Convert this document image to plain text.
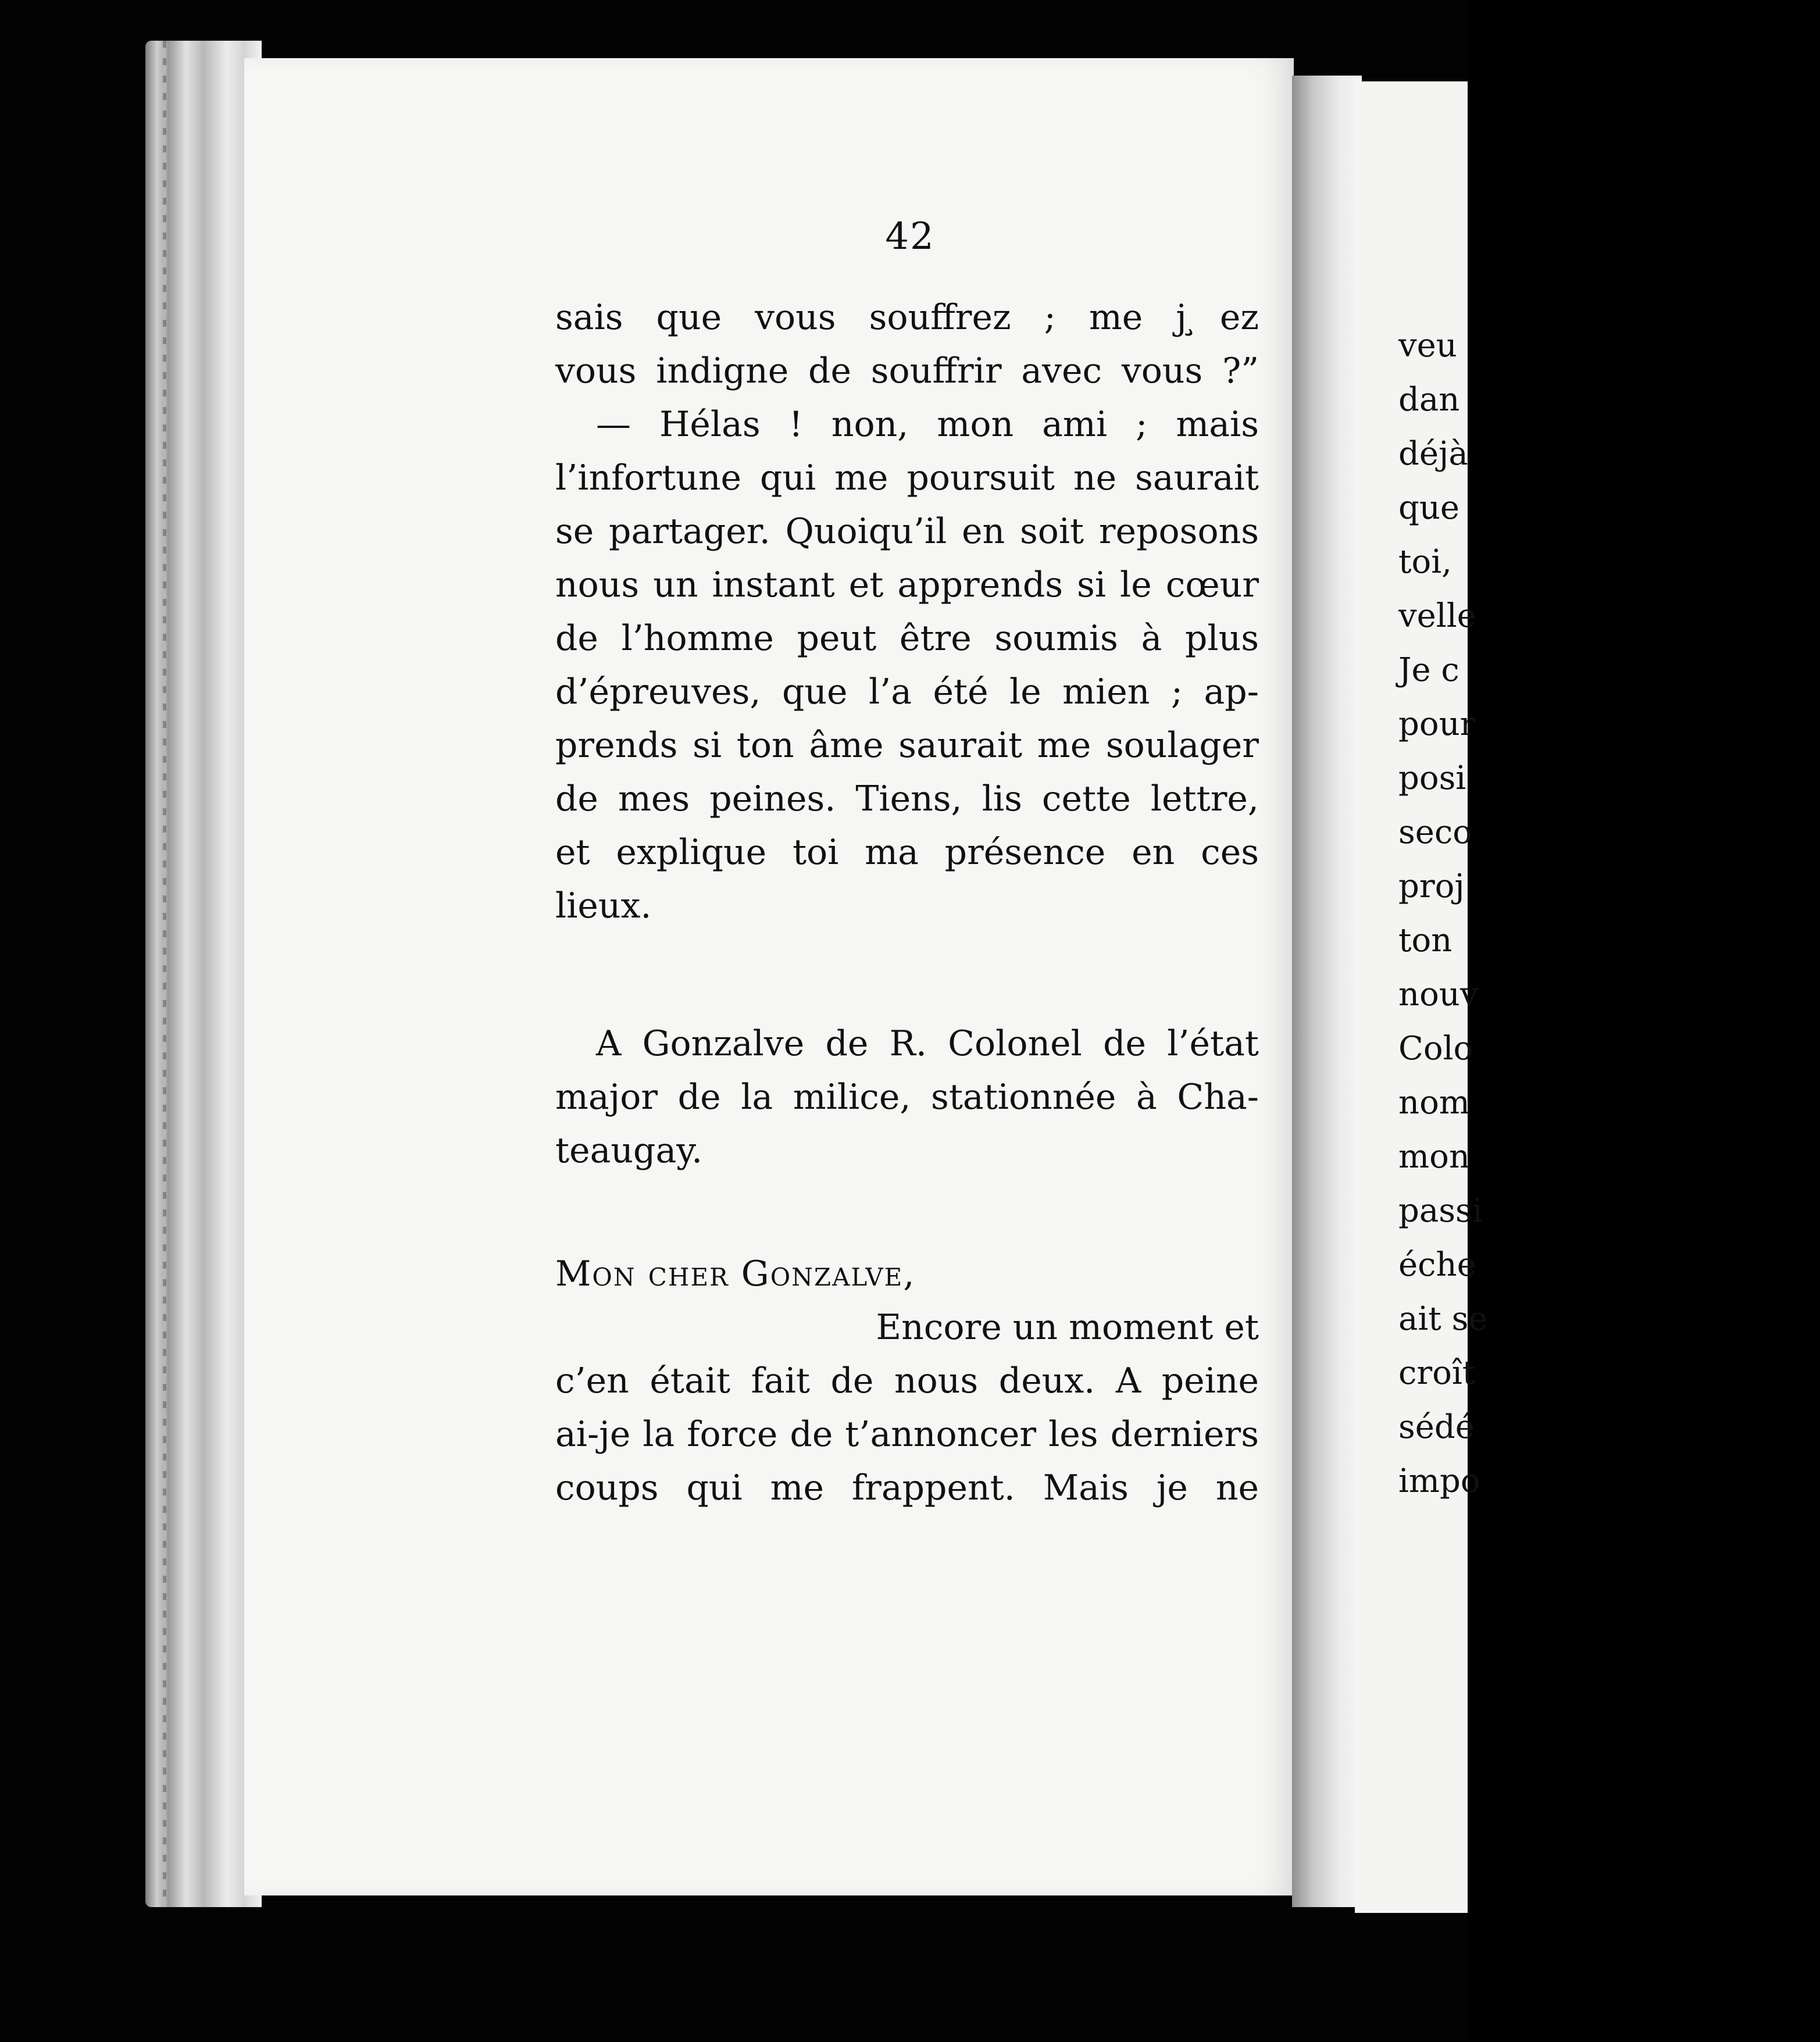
42
sais que vous souffrez ; me j ̧ez
vous indigne de souffrir avec vous ?”
— Hélas ! non, mon ami ; mais
l’infortune qui me poursuit ne saurait
se partager. Quoiqu’il en soit reposons
nous un instant et apprends si le cœur
de l’homme peut être soumis à plus
d’épreuves, que l’a été le mien ; ap-
prends si ton âme saurait me soulager
de mes peines. Tiens, lis cette lettre,
et explique toi ma présence en ces
lieux.
A Gonzalve de R. Colonel de l’état
major de la milice, stationnée à Cha-
teaugay.
Mon cher Gonzalve,
Encore un moment et
c’en était fait de nous deux. A peine
ai-je la force de t’annoncer les derniers
coups qui me frappent. Mais je ne
veu
dan
déjà
que
toi,
velle
Je c
pour
posi
seco
proj
ton
nouv
Colo
nom
mon
passi
éche
ait se
croît
sédé
impo
